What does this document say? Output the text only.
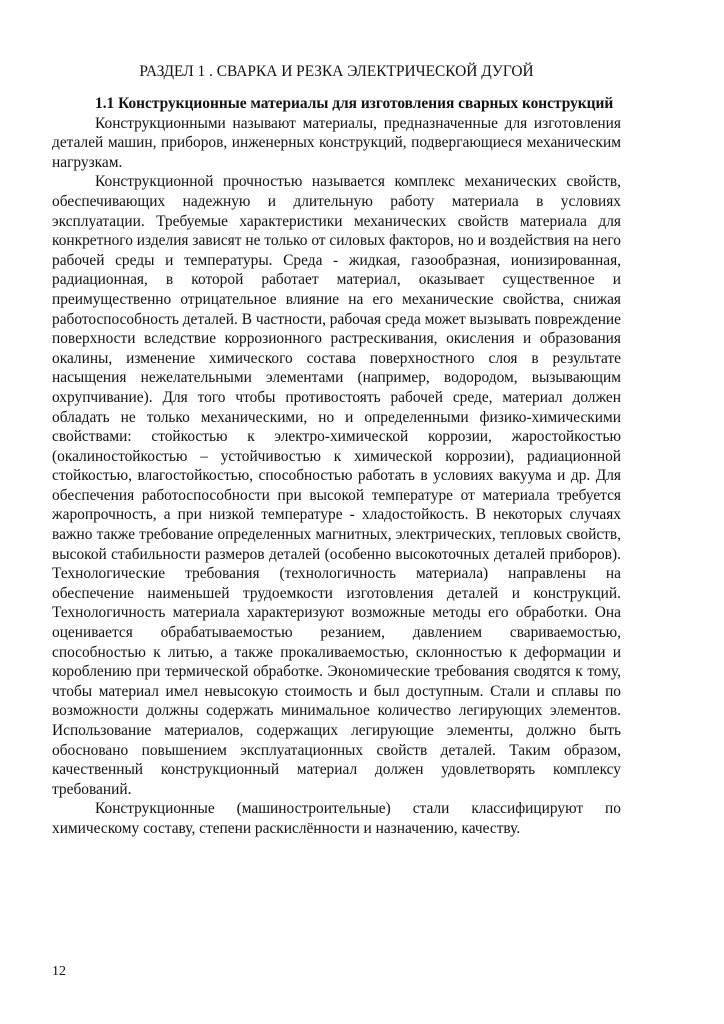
РАЗДЕЛ 1 . СВАРКА И РЕЗКА ЭЛЕКТРИЧЕСКОЙ ДУГОЙ

1.1 Конструкционные материалы для изготовления сварных конструкций

Конструкционными называют материалы, предназначенные для изготовления деталей машин, приборов, инженерных конструкций, подвергающиеся механическим нагрузкам.

Конструкционной прочностью называется комплекс механических свойств, обеспечивающих надежную и длительную работу материала в условиях эксплуатации. Требуемые характеристики механических свойств материала для конкретного изделия зависят не только от силовых факторов, но и воздействия на него рабочей среды и температуры. Среда - жидкая, газообразная, ионизированная, радиационная, в которой работает материал, оказывает существенное и преимущественно отрицательное влияние на его механические свойства, снижая работоспособность деталей. В частности, рабочая среда может вызывать повреждение поверхности вследствие коррозионного растрескивания, окисления и образования окалины, изменение химического состава поверхностного слоя в результате насыщения нежелательными элементами (например, водородом, вызывающим охрупчивание). Для того чтобы противостоять рабочей среде, материал должен обладать не только механическими, но и определенными физико-химическими свойствами: стойкостью к электро-химической коррозии, жаростойкостью (окалиностойкостью – устойчивостью к химической коррозии), радиационной стойкостью, влагостойкостью, способностью работать в условиях вакуума и др. Для обеспечения работоспособности при высокой температуре от материала требуется жаропрочность, а при низкой температуре - хладостойкость. В некоторых случаях важно также требование определенных магнитных, электрических, тепловых свойств, высокой стабильности размеров деталей (особенно высокоточных деталей приборов). Технологические требования (технологичность материала) направлены на обеспечение наименьшей трудоемкости изготовления деталей и конструкций. Технологичность материала характеризуют возможные методы его обработки. Она оценивается обрабатываемостью резанием, давлением свариваемостью, способностью к литью, а также прокаливаемостью, склонностью к деформации и короблению при термической обработке. Экономические требования сводятся к тому, чтобы материал имел невысокую стоимость и был доступным. Стали и сплавы по возможности должны содержать минимальное количество легирующих элементов. Использование материалов, содержащих легирующие элементы, должно быть обосновано повышением эксплуатационных свойств деталей. Таким образом, качественный конструкционный материал должен удовлетворять комплексу требований.

Конструкционные (машиностроительные) стали классифицируют по химическому составу, степени раскислённости и назначению, качеству.

12
